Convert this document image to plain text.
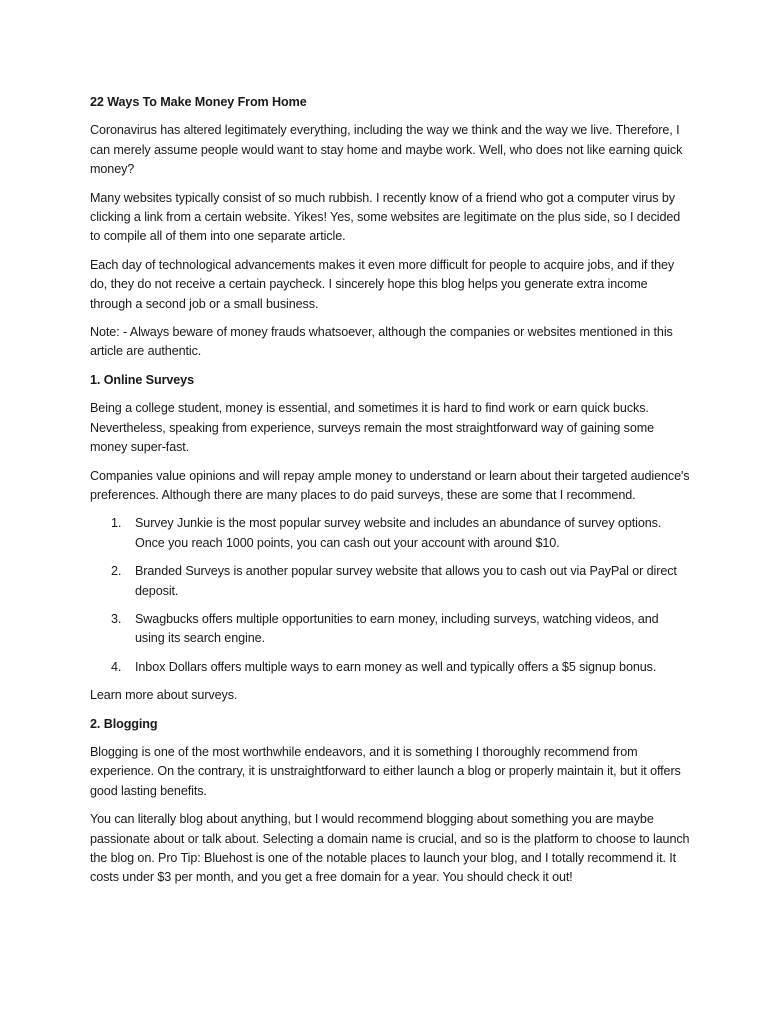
22 Ways To Make Money From Home

Coronavirus has altered legitimately everything, including the way we think and the way we live. Therefore, I can merely assume people would want to stay home and maybe work. Well, who does not like earning quick money?

Many websites typically consist of so much rubbish. I recently know of a friend who got a computer virus by clicking a link from a certain website. Yikes! Yes, some websites are legitimate on the plus side, so I decided to compile all of them into one separate article.

Each day of technological advancements makes it even more difficult for people to acquire jobs, and if they do, they do not receive a certain paycheck. I sincerely hope this blog helps you generate extra income through a second job or a small business.

Note: - Always beware of money frauds whatsoever, although the companies or websites mentioned in this article are authentic.

1. Online Surveys

Being a college student, money is essential, and sometimes it is hard to find work or earn quick bucks. Nevertheless, speaking from experience, surveys remain the most straightforward way of gaining some money super-fast.

Companies value opinions and will repay ample money to understand or learn about their targeted audience's preferences. Although there are many places to do paid surveys, these are some that I recommend.

1. Survey Junkie is the most popular survey website and includes an abundance of survey options. Once you reach 1000 points, you can cash out your account with around $10.
2. Branded Surveys is another popular survey website that allows you to cash out via PayPal or direct deposit.
3. Swagbucks offers multiple opportunities to earn money, including surveys, watching videos, and using its search engine.
4. Inbox Dollars offers multiple ways to earn money as well and typically offers a $5 signup bonus.

Learn more about surveys.

2. Blogging

Blogging is one of the most worthwhile endeavors, and it is something I thoroughly recommend from experience. On the contrary, it is unstraightforward to either launch a blog or properly maintain it, but it offers good lasting benefits.

You can literally blog about anything, but I would recommend blogging about something you are maybe passionate about or talk about. Selecting a domain name is crucial, and so is the platform to choose to launch the blog on. Pro Tip: Bluehost is one of the notable places to launch your blog, and I totally recommend it. It costs under $3 per month, and you get a free domain for a year. You should check it out!
